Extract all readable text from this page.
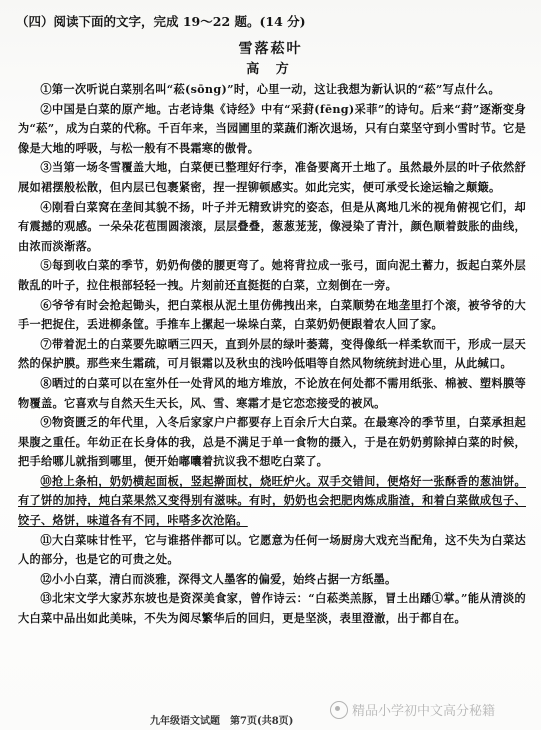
（四）阅读下面的文字，完成 19～22 题。(14 分)
雪落菘叶
高 方

①第一次听说白菜别名叫“菘(sōng)”时，心里一动，这让我想为新认识的“菘”写点什么。

②中国是白菜的原产地。古老诗集《诗经》中有“采葑(fēng)采菲”的诗句。后来“葑”逐渐变身为“菘”，成为白菜的代称。千百年来，当园圃里的菜蔬们渐次退场，只有白菜坚守到小雪时节。它是像是大地的呼吸，与松一般有不畏霜寒的傲骨。

③当第一场冬雪覆盖大地，白菜便已整理好行李，准备要离开土地了。虽然最外层的叶子依然舒展如裙摆般松散，但内层已包裹紧密，捏一捏铆顿感实。如此完实，便可承受长途运输之颠簸。

④刚看白菜窝在垄间其貌不扬，叶子并无精致讲究的姿态，但是从离地几米的视角俯视它们，却有震撼的观感。一朵朵花苞围圆滚滚，层层叠叠，葱葱茏茏，像浸染了青汁，颜色顺着鼓胀的曲线，由浓而淡渐落。

⑤每到收白菜的季节，奶奶佝偻的腰更弯了。她将背拉成一张弓，面向泥土蓄力，扳起白菜外层散乱的叶子，拉住根部轻轻一拽。片刻前还直挺挺的白菜，立刻倒在一旁。

⑥爷爷有时会抢起锄头，把白菜根从泥土里仿佛拽出来，白菜顺势在地垄里打个滚，被爷爷的大手一把捉住，丢进柳条筐。手推车上摞起一垛垛白菜，白菜奶奶便跟着农人回了家。

⑦带着泥土的白菜要先晾晒三四天，直到外层的绿叶萎蔫，变得像纸一样柔软而干，形成一层天然的保护膜。那些来生霜疏，可月银霜以及秋虫的浅吟低唱等自然风物统统封进心里，从此缄口。

⑧晒过的白菜可以在室外任一处背风的地方堆放，不论放在何处都不需用纸张、棉被、塑料膜等物覆盖。它喜欢与自然天生天长，风、雪、寒霜才是它恋恋接受的被风。

⑨物资匮乏的年代里，入冬后家家户户都要存上百余斤大白菜。在最寒冷的季节里，白菜承担起果腹之重任。年幼正在长身体的我，总是不满足于单一食物的摄入，于是在奶奶剪除掉白菜的时候，把手给哪儿就指到哪里，便开始嘟囔着抗议我不想吃白菜了。

⑩抢上条柏，奶奶横起面板，竖起擀面杖，烧旺炉火。双手交错间，便烙好一张酥香的葱油饼。有了饼的加持，炖白菜果然又变得别有滋味。有时，奶奶也会把肥肉炼成脂渣，和着白菜做成包子、饺子、烙饼，味道各有不同，咔嗒多次沧陷。

⑪大白菜味甘性平，它与谁搭伴都可以。它愿意为任何一场厨房大戏充当配角，这不失为白菜达人的部分，也是它的可贵之处。

⑫小小白菜，清白而淡雅，深得文人墨客的偏爱，始终占据一方纸墨。

⑬北宋文学大家苏东坡也是资深美食家，曾作诗云：“白菘类羔豚，冒土出蹯①掌。”能从清淡的大白菜中品出如此美味，不失为阅尽繁华后的回归，更是坚淡，表里澄澈，出于都自在。

九年级语文试题　第7页(共8页)
精品小学初中文高分秘籍
